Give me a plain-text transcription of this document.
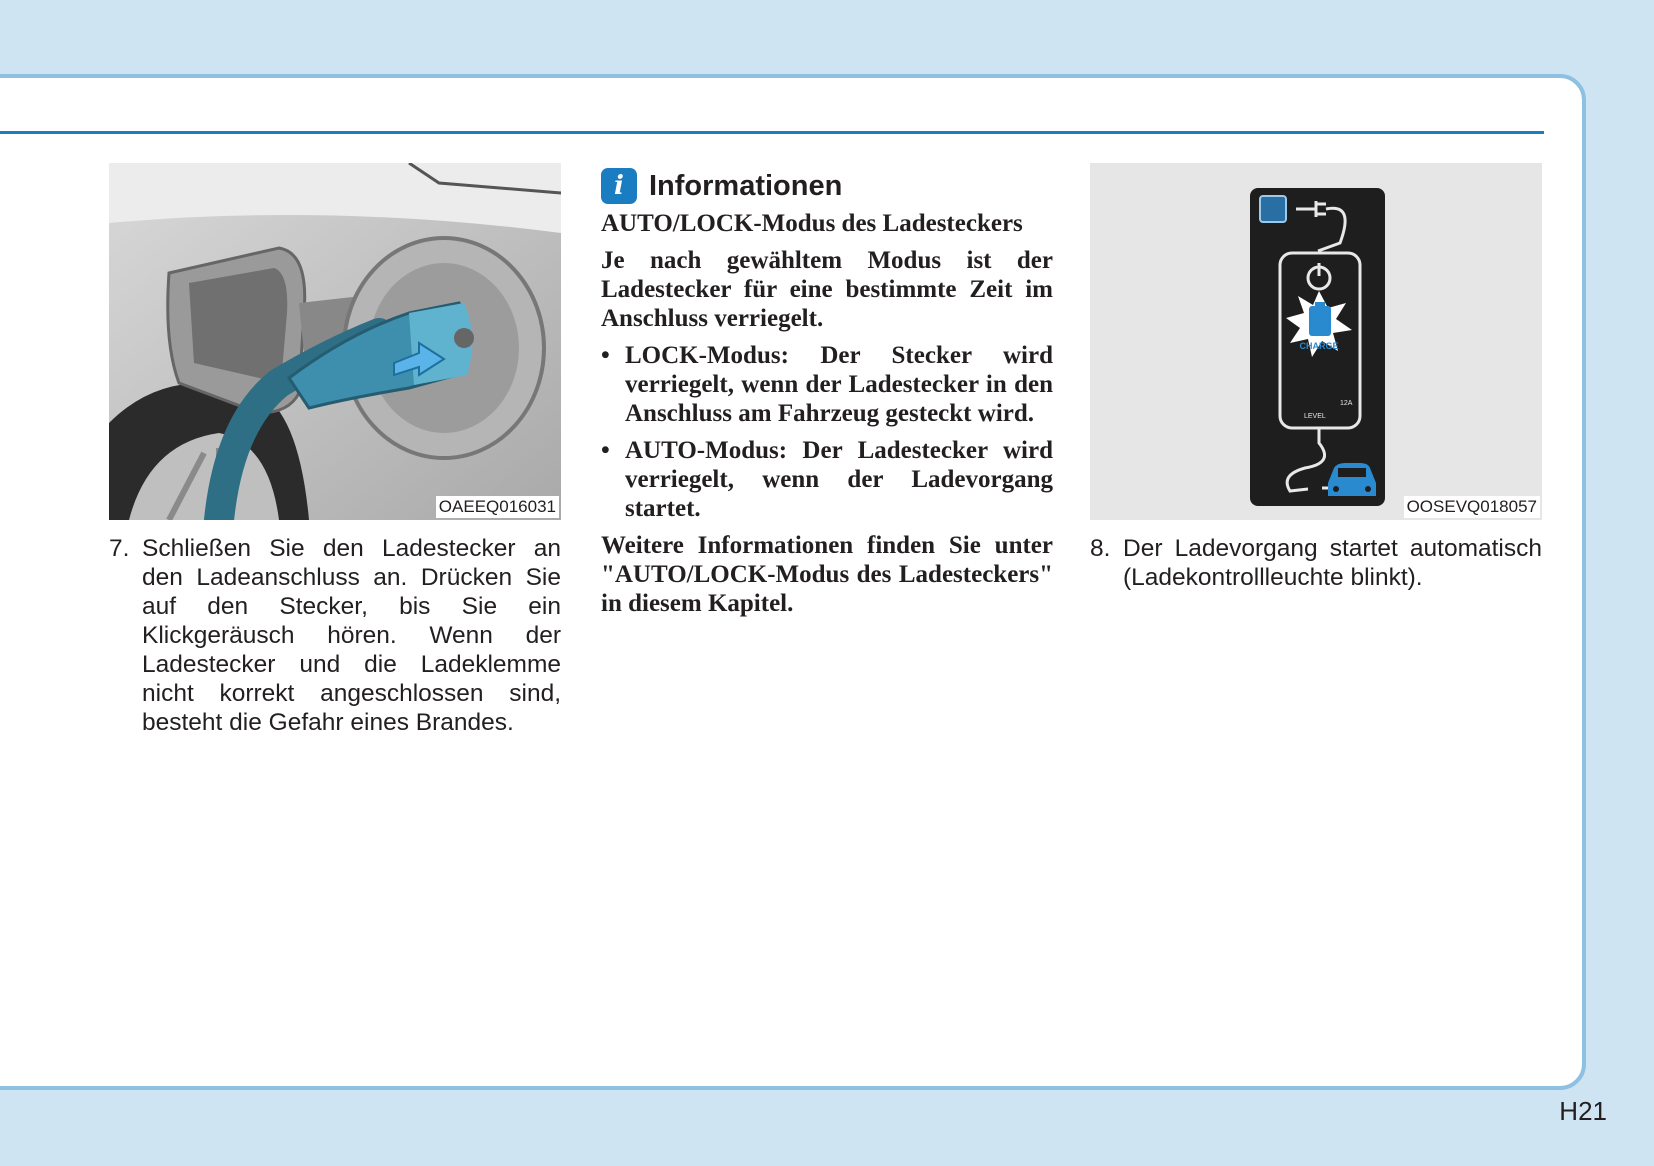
OAEEQ016031
7. Schließen Sie den Ladestecker an den Ladeanschluss an. Drücken Sie auf den Stecker, bis Sie ein Klickgeräusch hören. Wenn der Ladestecker und die Ladeklemme nicht korrekt angeschlossen sind, besteht die Gefahr eines Brandes.
i Informationen
AUTO/LOCK-Modus des Ladesteckers

Je nach gewähltem Modus ist der Ladestecker für eine bestimmte Zeit im Anschluss verriegelt.

• LOCK-Modus: Der Stecker wird verriegelt, wenn der Ladestecker in den Anschluss am Fahrzeug gesteckt wird.
• AUTO-Modus: Der Ladestecker wird verriegelt, wenn der Ladevorgang startet.

Weitere Informationen finden Sie unter "AUTO/LOCK-Modus des Ladesteckers" in diesem Kapitel.

CHARGE
12A
LEVEL
OOSEVQ018057
8. Der Ladevorgang startet automatisch (Ladekontrollleuchte blinkt).
H21
